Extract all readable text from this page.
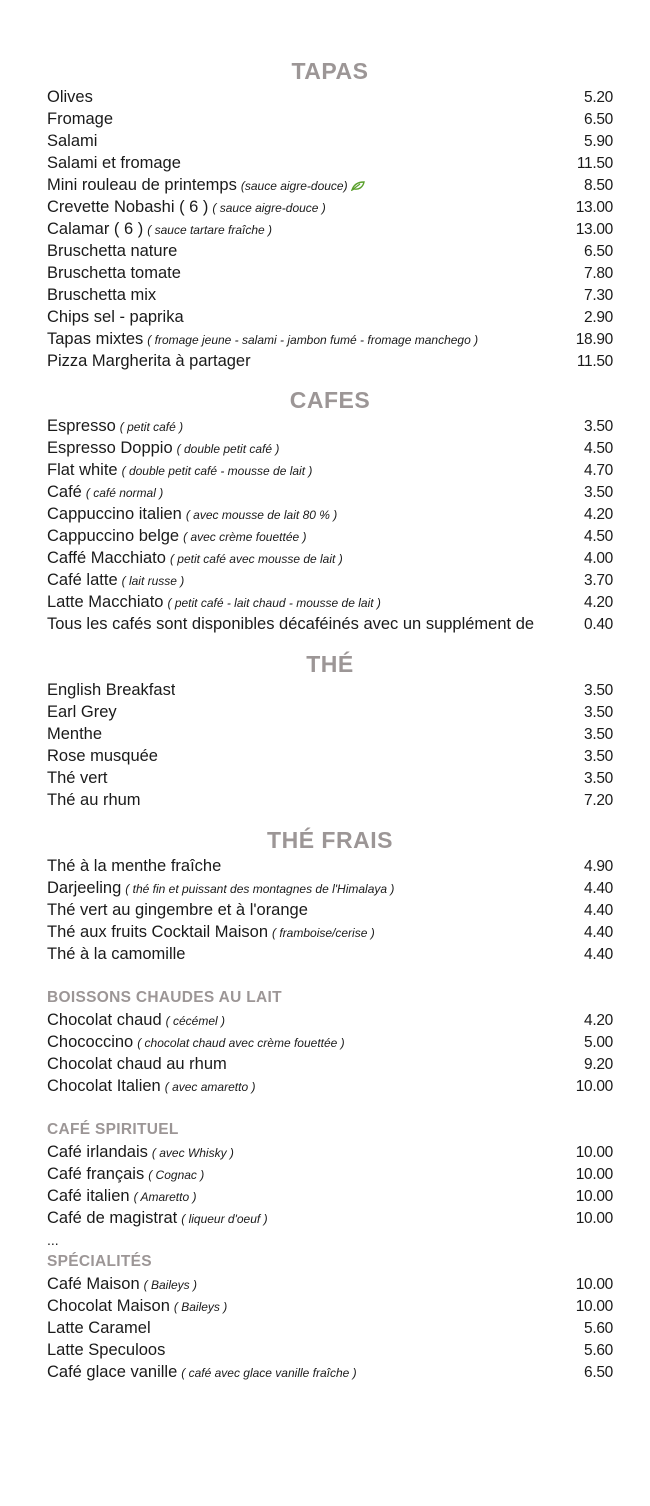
TAPAS
Olives	5.20
Fromage	6.50
Salami	5.90
Salami et fromage	11.50
Mini rouleau de printemps (sauce aigre-douce)	8.50
Crevette Nobashi ( 6 ) ( sauce aigre-douce )	13.00
Calamar ( 6 ) ( sauce tartare fraîche )	13.00
Bruschetta nature	6.50
Bruschetta tomate	7.80
Bruschetta mix	7.30
Chips sel - paprika	2.90
Tapas mixtes ( fromage jeune - salami - jambon fumé - fromage manchego )	18.90
Pizza Margherita à partager	11.50
CAFES
Espresso ( petit café )	3.50
Espresso Doppio ( double petit café )	4.50
Flat white ( double petit café - mousse de lait )	4.70
Café ( café normal )	3.50
Cappuccino italien ( avec mousse de lait 80 % )	4.20
Cappuccino belge ( avec crème fouettée )	4.50
Caffé Macchiato ( petit café avec mousse de lait )	4.00
Café latte ( lait russe )	3.70
Latte Macchiato ( petit café - lait chaud - mousse de lait )	4.20
Tous les cafés sont disponibles décaféinés avec un supplément de	0.40
THÉ
English Breakfast	3.50
Earl Grey	3.50
Menthe	3.50
Rose musquée	3.50
Thé vert	3.50
Thé au rhum	7.20
THÉ FRAIS
Thé à la menthe fraîche	4.90
Darjeeling ( thé fin et puissant des montagnes de l'Himalaya )	4.40
Thé vert au gingembre et à l'orange	4.40
Thé aux fruits Cocktail Maison ( framboise/cerise )	4.40
Thé à la camomille	4.40
BOISSONS CHAUDES AU LAIT
Chocolat chaud ( cécémel )	4.20
Chococcino ( chocolat chaud avec crème fouettée )	5.00
Chocolat chaud au rhum	9.20
Chocolat Italien ( avec amaretto )	10.00
CAFÉ SPIRITUEL
Café irlandais ( avec Whisky )	10.00
Café français ( Cognac )	10.00
Café italien ( Amaretto )	10.00
Café de magistrat ( liqueur d'oeuf )	10.00
...
SPÉCIALITÉS
Café Maison ( Baileys )	10.00
Chocolat Maison ( Baileys )	10.00
Latte Caramel	5.60
Latte Speculoos	5.60
Café glace vanille ( café avec glace vanille fraîche )	6.50
